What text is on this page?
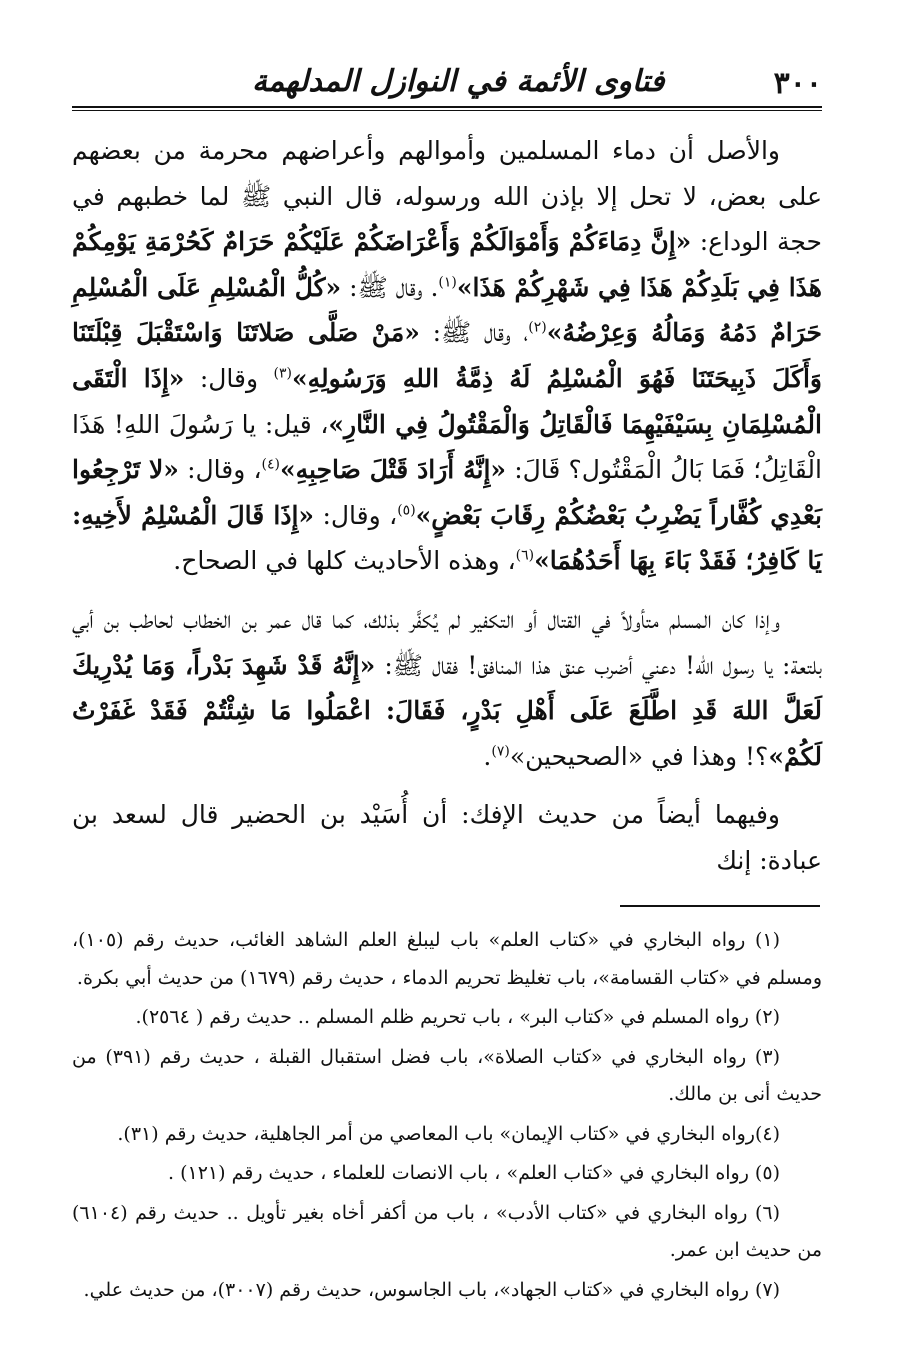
٣٠٠
فتاوى الأئمة في النوازل المدلهمة

والأصل أن دماء المسلمين وأموالهم وأعراضهم محرمة من بعضهم على بعض، لا تحل إلا بإذن الله ورسوله، قال النبي ﷺ لما خطبهم في حجة الوداع: «إِنَّ دِمَاءَكُمْ وَأَمْوَالَكُمْ وَأَعْرَاضَكُمْ عَلَيْكُمْ حَرَامٌ كَحُرْمَةِ يَوْمِكُمْ هَذَا فِي بَلَدِكُمْ هَذَا فِي شَهْرِكُمْ هَذَا»$^{(١)}$. وقال ﷺ: «كُلُّ الْمُسْلِمِ عَلَى الْمُسْلِمِ حَرَامٌ دَمُهُ وَمَالُهُ وَعِرْضُهُ»$^{(٢)}$، وقال ﷺ: «مَنْ صَلَّى صَلاتَنَا وَاسْتَقْبَلَ قِبْلَتَنَا وَأَكَلَ ذَبِيحَتَنَا فَهُوَ الْمُسْلِمُ لَهُ ذِمَّةُ اللهِ وَرَسُولِهِ»$^{(٣)}$ وقال: «إِذَا الْتَقَى الْمُسْلِمَانِ بِسَيْفَيْهِمَا فَالْقَاتِلُ وَالْمَقْتُولُ فِي النَّارِ»، قيل: يا رَسُولَ اللهِ! هَذَا الْقَاتِلُ؛ فَمَا بَالُ الْمَقْتُول؟ قَالَ: «إِنَّهُ أَرَادَ قَتْلَ صَاحِبِهِ»$^{(٤)}$، وقال: «لا تَرْجِعُوا بَعْدِي كُفَّاراً يَضْرِبُ بَعْضُكُمْ رِقَابَ بَعْضٍ»$^{(٥)}$، وقال: «إِذَا قَالَ الْمُسْلِمُ لأَخِيهِ: يَا كَافِرُ؛ فَقَدْ بَاءَ بِهَا أَحَدُهُمَا»$^{(٦)}$، وهذه الأحاديث كلها في الصحاح.

وإذا كان المسلم متأولاً في القتال أو التكفير لم يُكفَّر بذلك، كما قال عمر بن الخطاب لحاطب بن أبي بلتعة: يا رسول الله! دعني أضرب عنق هذا المنافق! فقال ﷺ: «إِنَّهُ قَدْ شَهِدَ بَدْراً، وَمَا يُدْرِيكَ لَعَلَّ اللهَ قَدِ اطَّلَعَ عَلَى أَهْلِ بَدْرٍ، فَقَالَ: اعْمَلُوا مَا شِئْتُمْ فَقَدْ غَفَرْتُ لَكُمْ»؟! وهذا في «الصحيحين»$^{(٧)}$.

وفيهما أيضاً من حديث الإفك: أن أُسَيْد بن الحضير قال لسعد بن عبادة: إنك

(١) رواه البخاري في «كتاب العلم» باب ليبلغ العلم الشاهد الغائب، حديث رقم (١٠٥)، ومسلم في «كتاب القسامة»، باب تغليظ تحريم الدماء ، حديث رقم (١٦٧٩) من حديث أبي بكرة.

(٢) رواه المسلم في «كتاب البر» ، باب تحريم ظلم المسلم .. حديث رقم ( ٢٥٦٤).

(٣) رواه البخاري في «كتاب الصلاة»، باب فضل استقبال القبلة ، حديث رقم (٣٩١) من حديث أنى بن مالك.

(٤)رواه البخاري في «كتاب الإيمان» باب المعاصي من أمر الجاهلية، حديث رقم (٣١).

(٥) رواه البخاري في «كتاب العلم» ، باب الانصات للعلماء ، حديث رقم (١٢١) .

(٦) رواه البخاري في «كتاب الأدب» ، باب من أكفر أخاه بغير تأويل .. حديث رقم (٦١٠٤) من حديث ابن عمر.

(٧) رواه البخاري في «كتاب الجهاد»، باب الجاسوس، حديث رقم (٣٠٠٧)، من حديث علي.
